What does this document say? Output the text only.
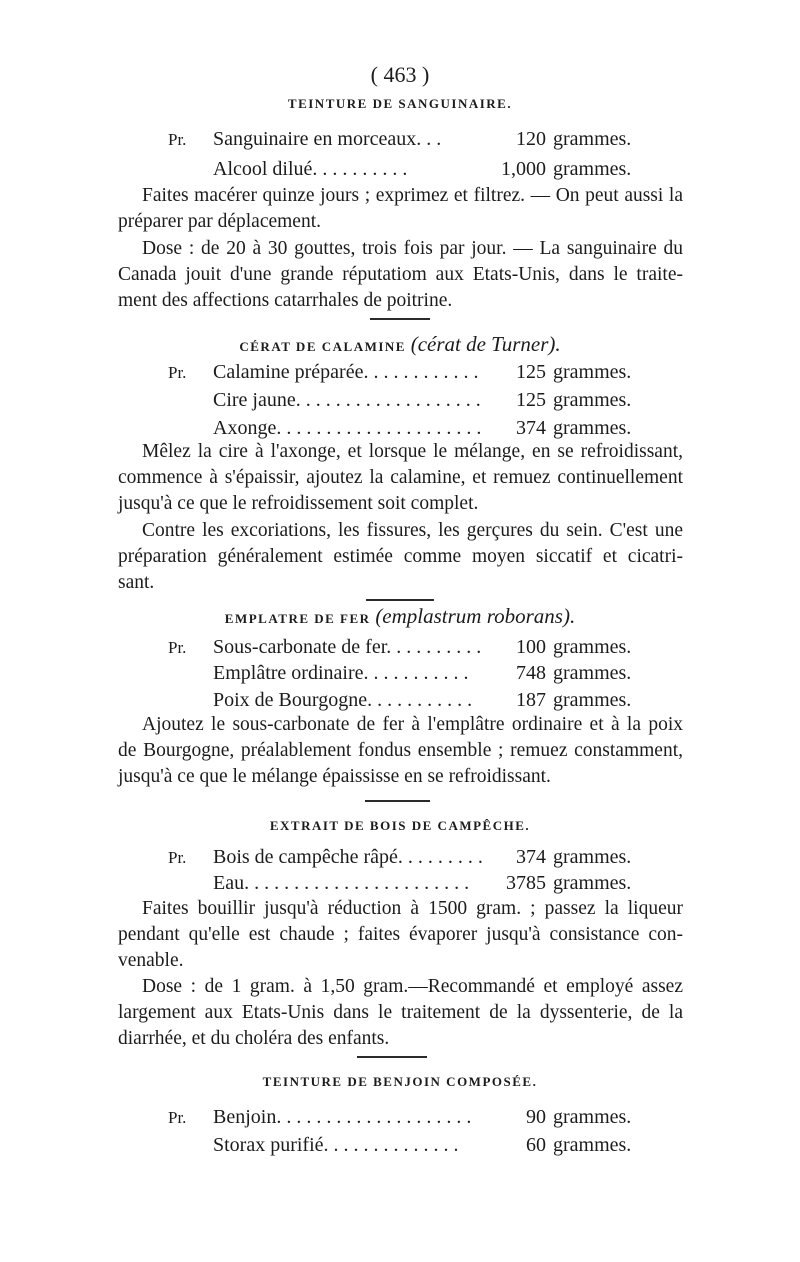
( 463 )
TEINTURE DE SANGUINAIRE.
Pr. Sanguinaire en morceaux. . .	120 grammes.
Alcool dilué. . . . . . . . . .	1,000 grammes.
Faites macérer quinze jours ; exprimez et filtrez. — On peut aussi la
préparer par déplacement.
Dose : de 20 à 30 gouttes, trois fois par jour. — La sanguinaire du
Canada jouit d'une grande réputatiom aux Etats-Unis, dans le traite-
ment des affections catarrhales de poitrine.
CÉRAT DE CALAMINE (cérat de Turner).
Pr. Calamine préparée. . . . . . . . . . . .	125 grammes.
Cire jaune. . . . . . . . . . . . . . . . . . .	125 grammes.
Axonge. . . . . . . . . . . . . . . . . . . . .	374 grammes.
Mêlez la cire à l'axonge, et lorsque le mélange, en se refroidissant,
commence à s'épaissir, ajoutez la calamine, et remuez continuellement
jusqu'à ce que le refroidissement soit complet.
Contre les excoriations, les fissures, les gerçures du sein. C'est une
préparation généralement estimée comme moyen siccatif et cicatri-
sant.
EMPLATRE DE FER (emplastrum roborans).
Pr. Sous-carbonate de fer. . . . . . . . . .	100 grammes.
Emplâtre ordinaire. . . . . . . . . . .	748 grammes.
Poix de Bourgogne. . . . . . . . . . .	187 grammes.
Ajoutez le sous-carbonate de fer à l'emplâtre ordinaire et à la poix
de Bourgogne, préalablement fondus ensemble ; remuez constamment,
jusqu'à ce que le mélange épaississe en se refroidissant.
EXTRAIT DE BOIS DE CAMPÊCHE.
Pr. Bois de campêche râpé. . . . . . . . .	374 grammes.
Eau. . . . . . . . . . . . . . . . . . . . . . .	3785 grammes.
Faites bouillir jusqu'à réduction à 1500 gram. ; passez la liqueur
pendant qu'elle est chaude ; faites évaporer jusqu'à consistance con-
venable.
Dose : de 1 gram. à 1,50 gram.—Recommandé et employé assez
largement aux Etats-Unis dans le traitement de la dyssenterie, de la
diarrhée, et du choléra des enfants.
TEINTURE DE BENJOIN COMPOSÉE.
Pr. Benjoin. . . . . . . . . . . . . . . . . . . .	90 grammes.
Storax purifié. . . . . . . . . . . . . .	60 grammes.
